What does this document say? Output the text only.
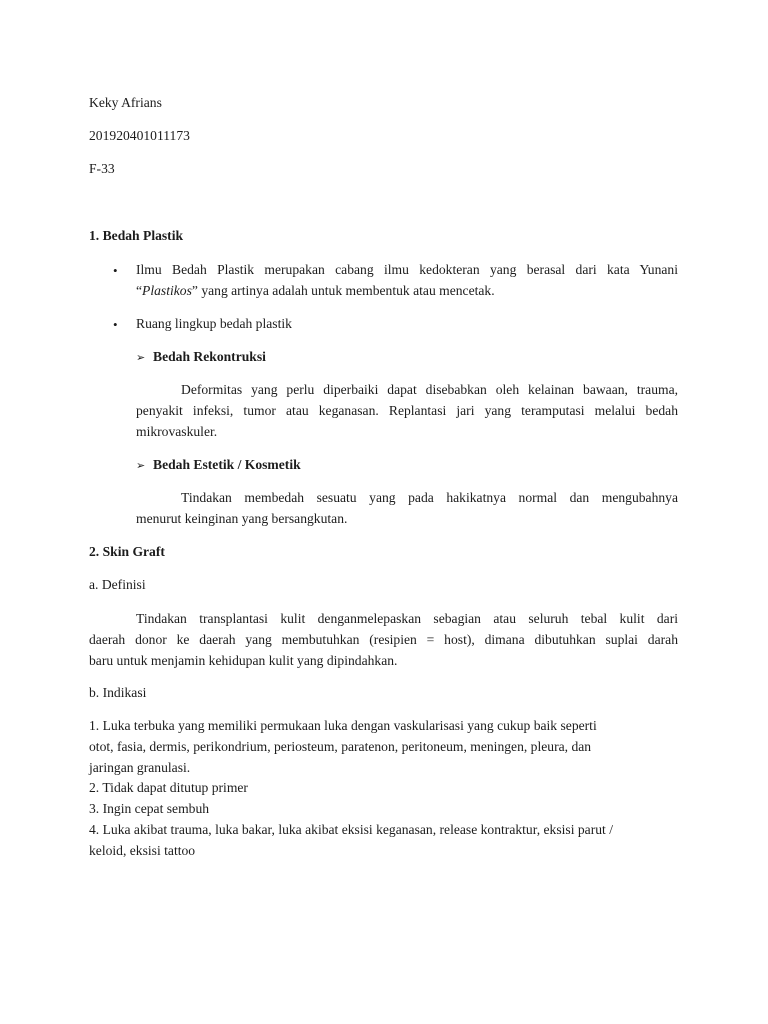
Keky Afrians
201920401011173
F-33
1. Bedah Plastik
• Ilmu Bedah Plastik merupakan cabang ilmu kedokteran yang berasal dari kata Yunani
“Plastikos” yang artinya adalah untuk membentuk atau mencetak.
• Ruang lingkup bedah plastik
➢ Bedah Rekontruksi
Deformitas yang perlu diperbaiki dapat disebabkan oleh kelainan bawaan, trauma,
penyakit infeksi, tumor atau keganasan. Replantasi jari yang teramputasi melalui bedah
mikrovaskuler.
➢ Bedah Estetik / Kosmetik
Tindakan membedah sesuatu yang pada hakikatnya normal dan mengubahnya
menurut keinginan yang bersangkutan.
2. Skin Graft
a. Definisi
Tindakan transplantasi kulit denganmelepaskan sebagian atau seluruh tebal kulit dari
daerah donor ke daerah yang membutuhkan (resipien = host), dimana dibutuhkan suplai darah
baru untuk menjamin kehidupan kulit yang dipindahkan.
b. Indikasi
1. Luka terbuka yang memiliki permukaan luka dengan vaskularisasi yang cukup baik seperti
otot, fasia, dermis, perikondrium, periosteum, paratenon, peritoneum, meningen, pleura, dan
jaringan granulasi.
2. Tidak dapat ditutup primer
3. Ingin cepat sembuh
4. Luka akibat trauma, luka bakar, luka akibat eksisi keganasan, release kontraktur, eksisi parut /
keloid, eksisi tattoo
